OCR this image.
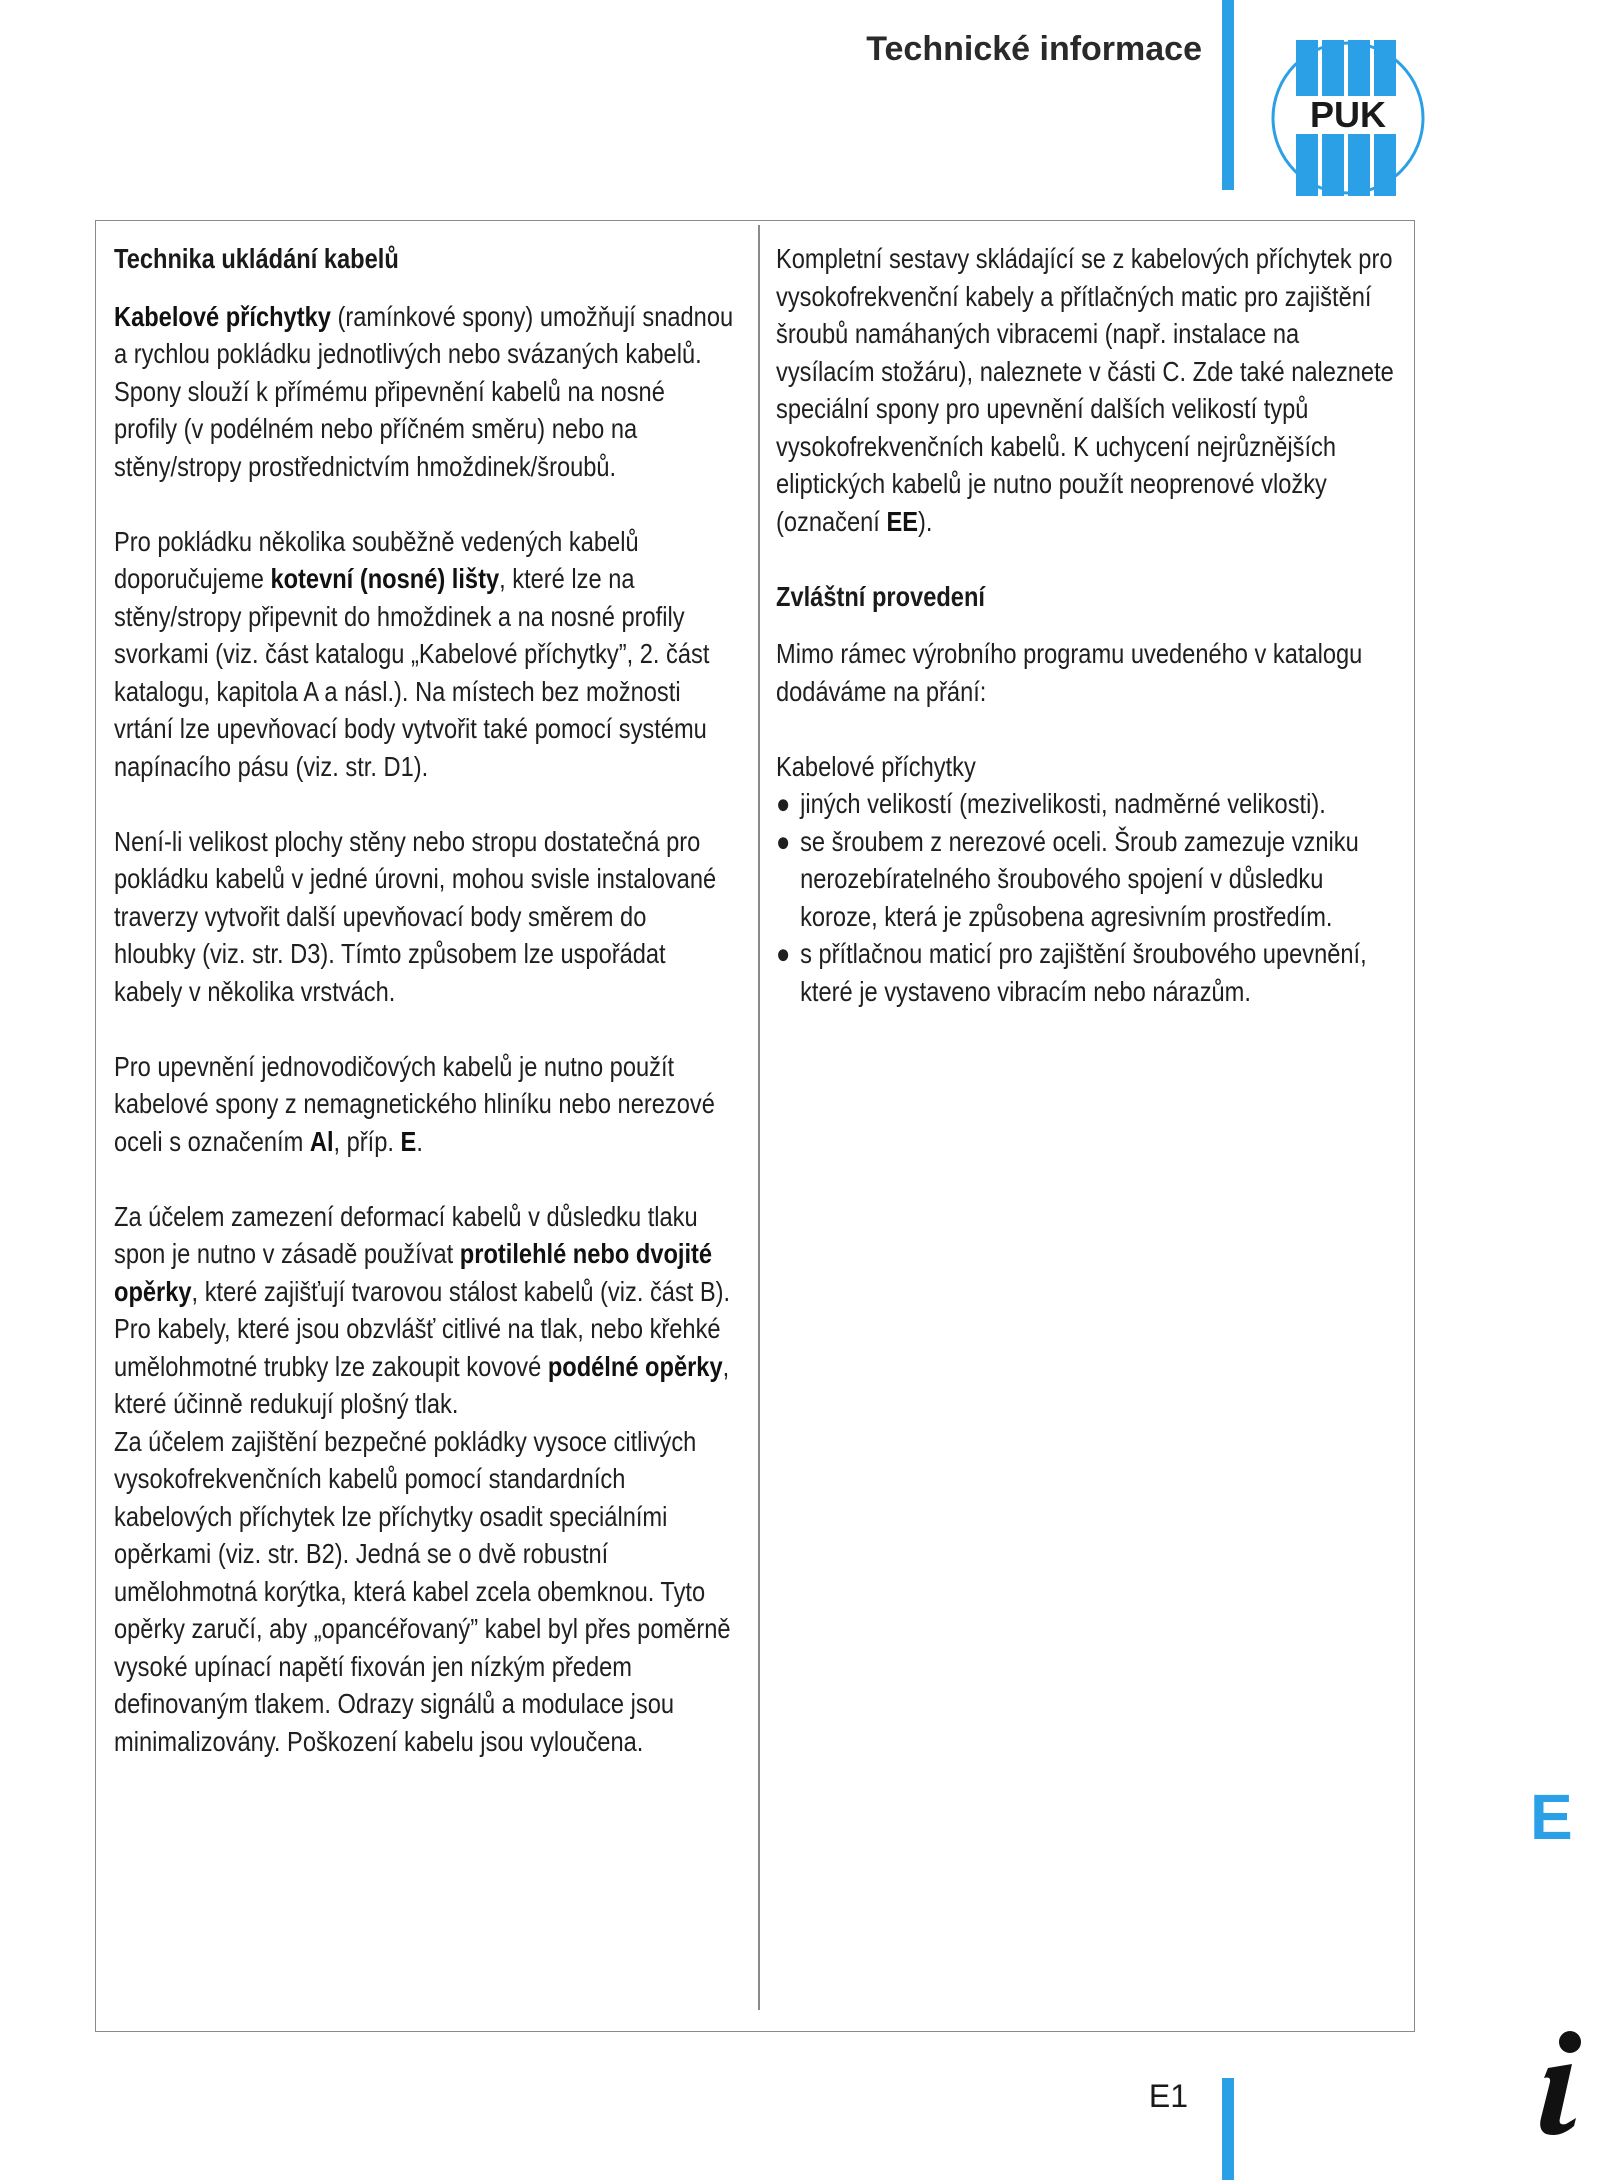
Technické informace
PUK
Technika ukládání kabelů

Kabelové příchytky (ramínkové spony) umožňují snadnou a rychlou pokládku jednotlivých nebo svázaných kabelů. Spony slouží k přímému připevnění kabelů na nosné profily (v podélném nebo příčném směru) nebo na stěny/stropy prostřednictvím hmoždinek/šroubů.

Pro pokládku několika souběžně vedených kabelů doporučujeme kotevní (nosné) lišty, které lze na stěny/stropy připevnit do hmoždinek a na nosné profily svorkami (viz. část katalogu „Kabelové příchytky”, 2. část katalogu, kapitola A a násl.). Na místech bez možnosti vrtání lze upevňovací body vytvořit také pomocí systému napínacího pásu (viz. str. D1).

Není-li velikost plochy stěny nebo stropu dostatečná pro pokládku kabelů v jedné úrovni, mohou svisle instalované traverzy vytvořit další upevňovací body směrem do hloubky (viz. str. D3). Tímto způsobem lze uspořádat kabely v několika vrstvách.

Pro upevnění jednovodičových kabelů je nutno použít kabelové spony z nemagnetického hliníku nebo nerezové oceli s označením Al, příp. E.

Za účelem zamezení deformací kabelů v důsledku tlaku spon je nutno v zásadě používat protilehlé nebo dvojité opěrky, které zajišťují tvarovou stálost kabelů (viz. část B). Pro kabely, které jsou obzvlášť citlivé na tlak, nebo křehké umělohmotné trubky lze zakoupit kovové podélné opěrky, které účinně redukují plošný tlak.

Za účelem zajištění bezpečné pokládky vysoce citlivých vysokofrekvenčních kabelů pomocí standardních kabelových příchytek lze příchytky osadit speciálními opěrkami (viz. str. B2). Jedná se o dvě robustní umělohmotná korýtka, která kabel zcela obemknou. Tyto opěrky zaručí, aby „opancéřovaný” kabel byl přes poměrně vysoké upínací napětí fixován jen nízkým předem definovaným tlakem. Odrazy signálů a modulace jsou minimalizovány. Poškození kabelu jsou vyloučena.

Kompletní sestavy skládající se z kabelových příchytek pro vysokofrekvenční kabely a přítlačných matic pro zajištění šroubů namáhaných vibracemi (např. instalace na vysílacím stožáru), naleznete v části C. Zde také naleznete speciální spony pro upevnění dalších velikostí typů vysokofrekvenčních kabelů. K uchycení nejrůznějších eliptických kabelů je nutno použít neoprenové vložky (označení EE).

Zvláštní provedení

Mimo rámec výrobního programu uvedeného v katalogu dodáváme na přání:

Kabelové příchytky
● jiných velikostí (mezivelikosti, nadměrné velikosti).
● se šroubem z nerezové oceli. Šroub zamezuje vzniku nerozebíratelného šroubového spojení v důsledku koroze, která je způsobena agresivním prostředím.
● s přítlačnou maticí pro zajištění šroubového upevnění, které je vystaveno vibracím nebo nárazům.
E
E1
